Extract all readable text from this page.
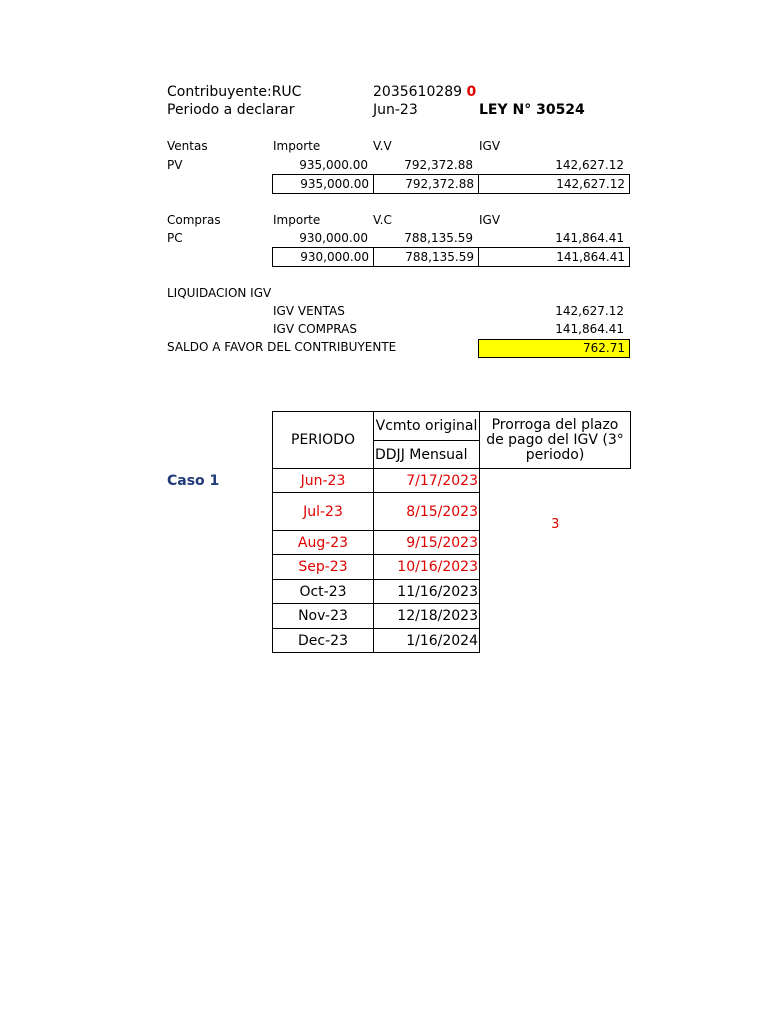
Contribuyente:RUC	2035610289 0
Periodo a declarar	Jun-23	LEY N° 30524
Ventas	Importe	V.V	IGV
PV	935,000.00	792,372.88	142,627.12
935,000.00	792,372.88	142,627.12
Compras	Importe	V.C	IGV
PC	930,000.00	788,135.59	141,864.41
930,000.00	788,135.59	141,864.41
LIQUIDACION IGV
IGV VENTAS	142,627.12
IGV COMPRAS	141,864.41
SALDO A FAVOR DEL CONTRIBUYENTE	762.71
PERIODO	Vcmto original	Prorroga del plazo de pago del IGV (3° periodo)
	DDJJ Mensual	
Jun-23	7/17/2023	3
Jul-23	8/15/2023	
Aug-23	9/15/2023	
Sep-23	10/16/2023	
Oct-23	11/16/2023	
Nov-23	12/18/2023	
Dec-23	1/16/2024	
Caso 1
